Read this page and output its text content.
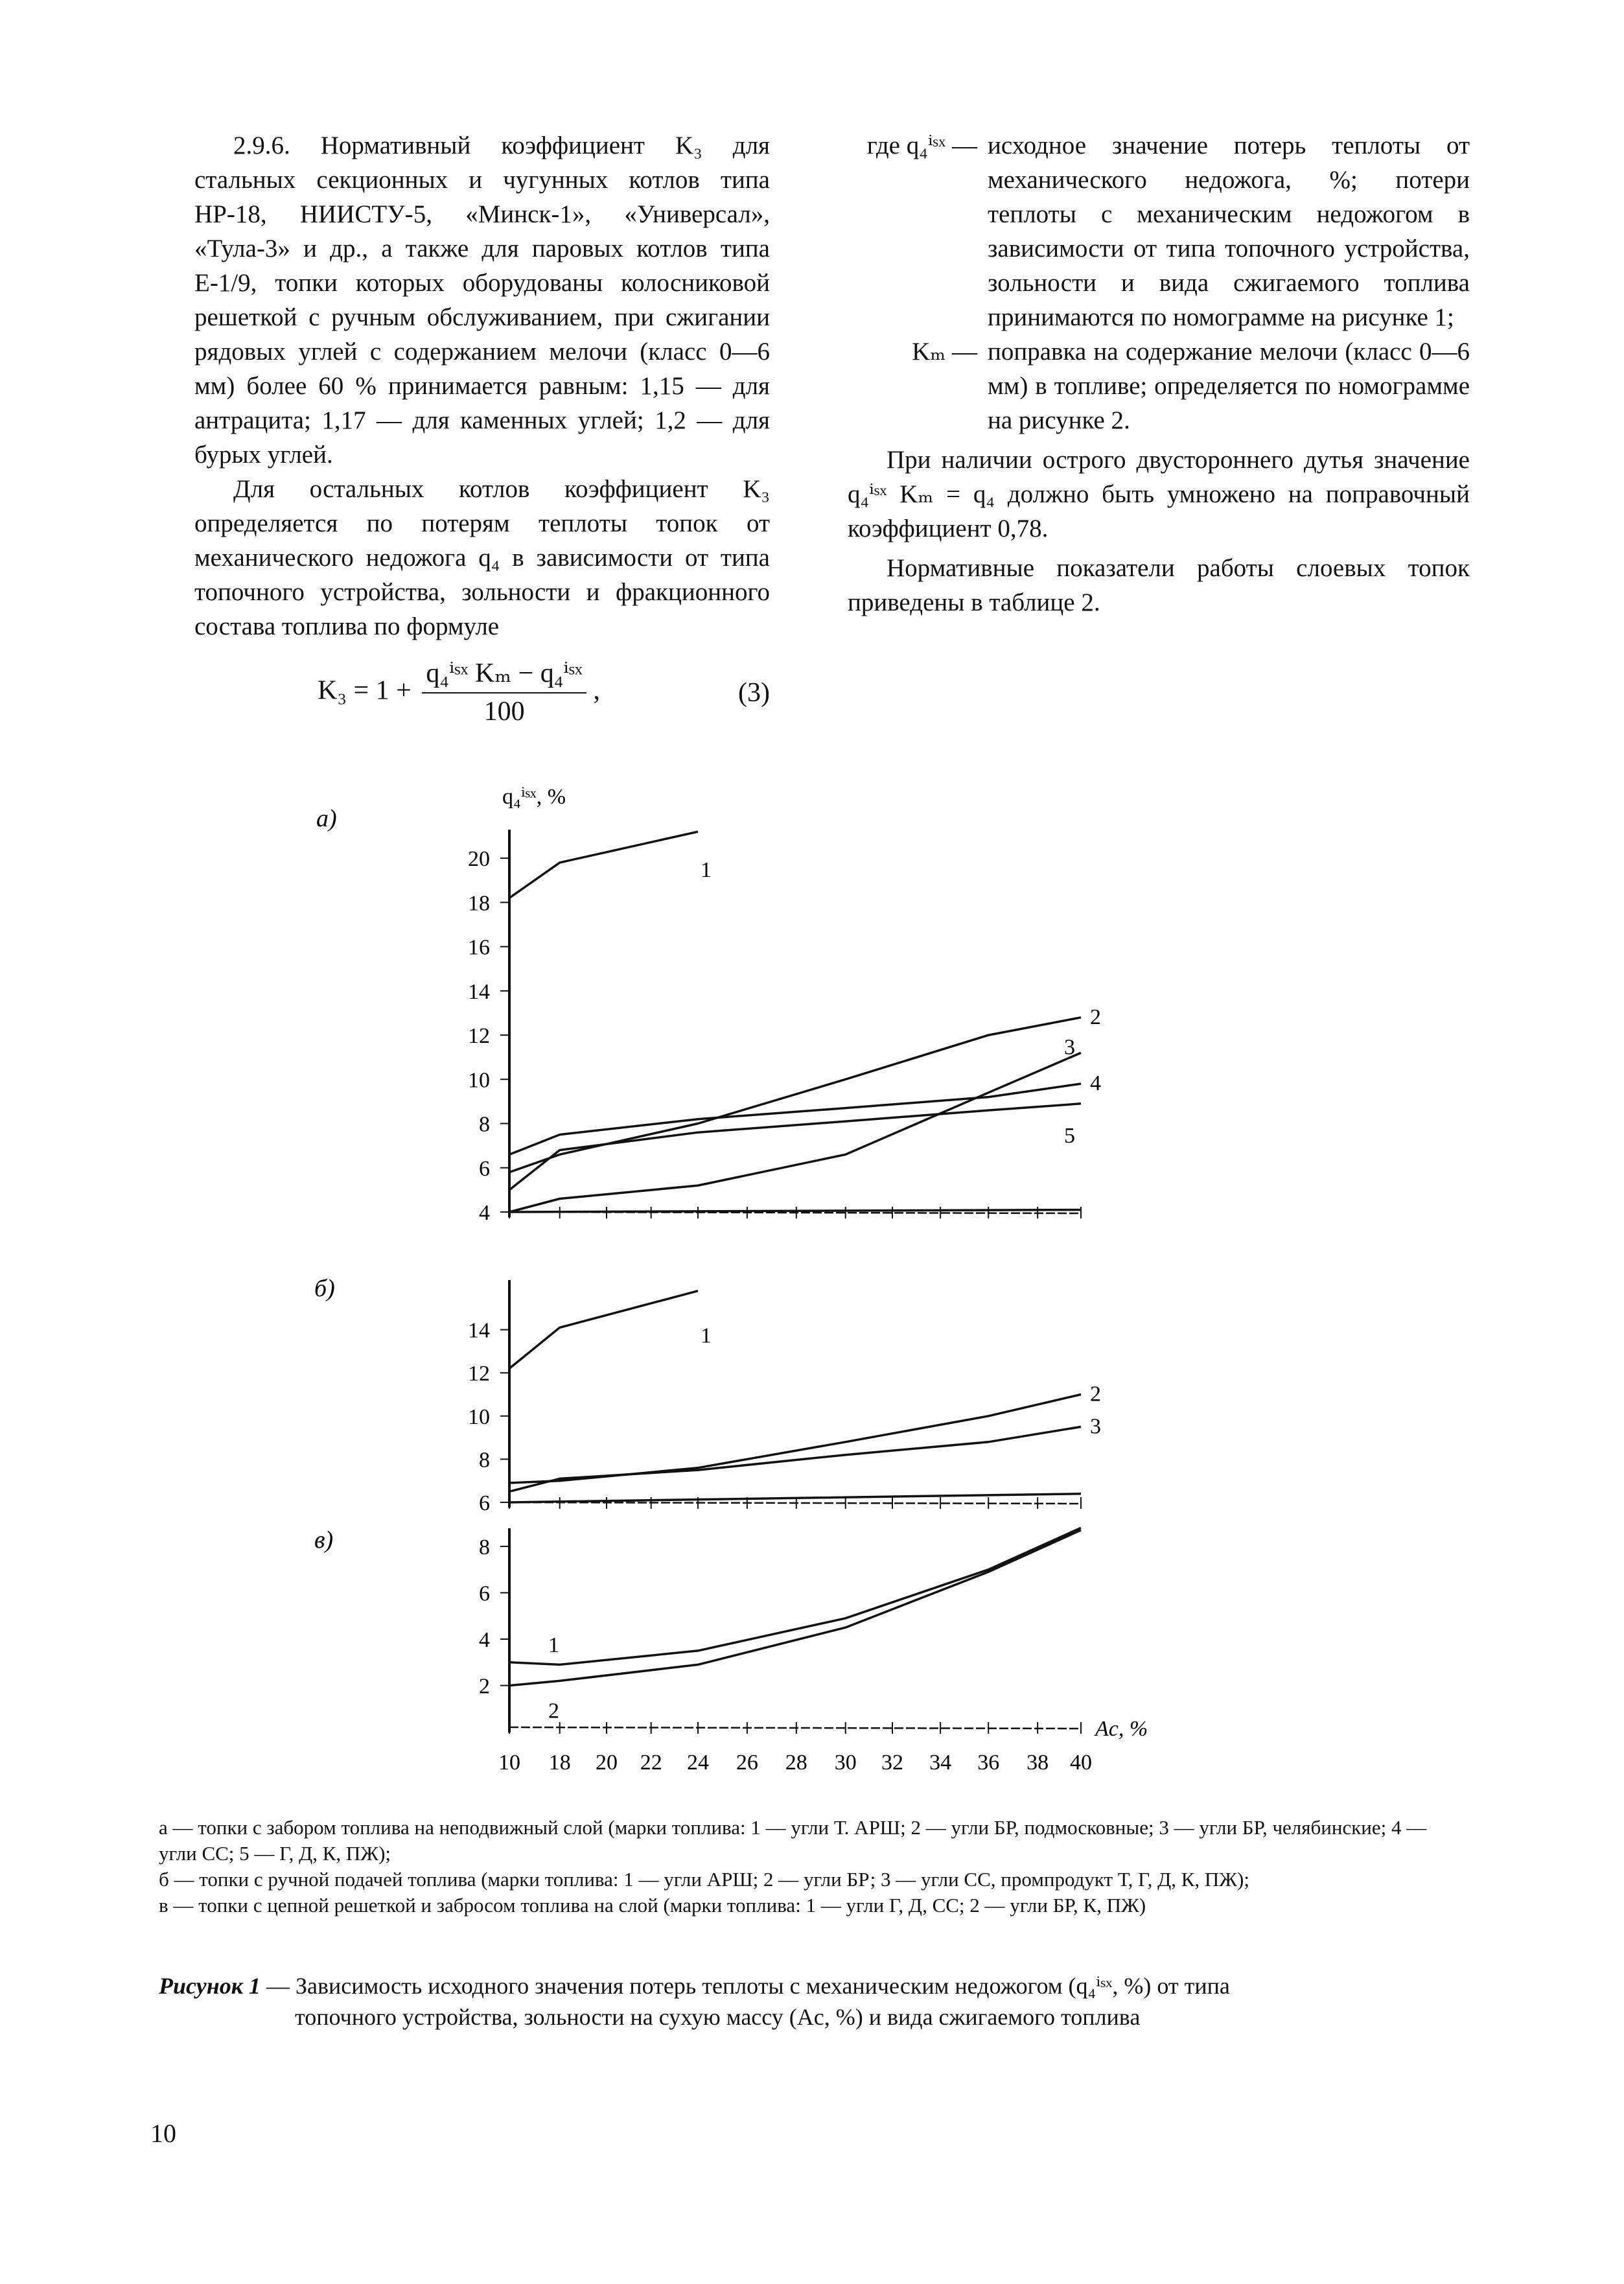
2.9.6. Нормативный коэффициент K₃ для стальных секционных и чугунных котлов типа НР-18, НИИСТУ-5, «Минск-1», «Универсал», «Тула-3» и др., а также для паровых котлов типа Е-1/9, топки которых оборудованы колосниковой решеткой с ручным обслуживанием, при сжигании рядовых углей с содержанием мелочи (класс 0—6 мм) более 60 % принимается равным: 1,15 — для антрацита; 1,17 — для каменных углей; 1,2 — для бурых углей.

Для остальных котлов коэффициент K₃ определяется по потерям теплоты топок от механического недожога q₄ в зависимости от типа топочного устройства, зольности и фракционного состава топлива по формуле

$K_3 = 1 + \frac{\text{q₄ⁱˢˣ Kₘ − q₄ⁱˢˣ}}{100}$ ,	(3)
где q₄ⁱˢˣ — исходное значение потерь теплоты от механического недожога, %; потери теплоты с механическим недожогом в зависимости от типа топочного устройства, зольности и вида сжигаемого топлива принимаются по номограмме на рисунке 1;
Kₘ — поправка на содержание мелочи (класс 0—6 мм) в топливе; определяется по номограмме на рисунке 2.

При наличии острого двустороннего дутья значение q₄ⁱˢˣ Kₘ = q₄ должно быть умножено на поправочный коэффициент 0,78.

Нормативные показатели работы слоевых топок приведены в таблице 2.

q₄ⁱˢˣ, %
Aс, %
а)
4
6
8
10
12
14
16
18
20	1
2
3
4
5
б)
6
8
10
12
14	1
2
3
в)
2
4
6
8
1
2
10 18 20 22 24 26 28 30 32 34 36 38 40

а — топки с забором топлива на неподвижный слой (марки топлива: 1 — угли Т. АРШ; 2 — угли БР, подмосковные; 3 — угли БР, челябинские; 4 — угли СС; 5 — Г, Д, К, ПЖ);

б — топки с ручной подачей топлива (марки топлива: 1 — угли АРШ; 2 — угли БР; 3 — угли СС, промпродукт Т, Г, Д, К, ПЖ);

в — топки с цепной решеткой и забросом топлива на слой (марки топлива: 1 — угли Г, Д, СС; 2 — угли БР, К, ПЖ)

Рисунок 1 — Зависимость исходного значения потерь теплоты с механическим недожогом (q₄ⁱˢˣ, %) от типа
топочного устройства, зольности на сухую массу (Aс, %) и вида сжигаемого топлива
10
